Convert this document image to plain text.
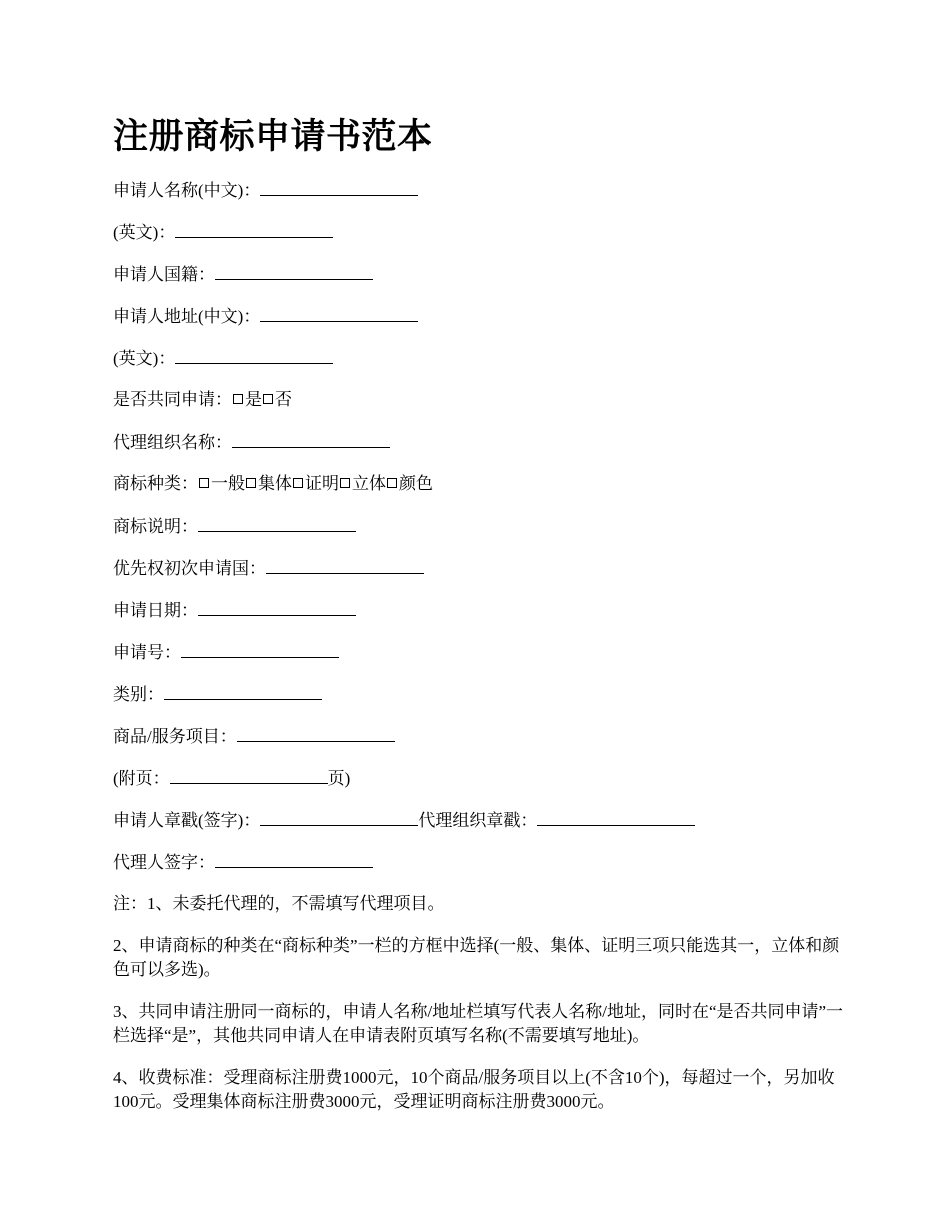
注册商标申请书范本
申请人名称(中文)：
(英文)：
申请人国籍：
申请人地址(中文)：
(英文)：
是否共同申请： 是 否
代理组织名称：
商标种类： 一般 集体 证明 立体 颜色
商标说明：
优先权初次申请国：
申请日期：
申请号：
类别：
商品/服务项目：
(附页：	页)
申请人章戳(签字)：	代理组织章戳：
代理人签字：
注：1、未委托代理的，不需填写代理项目。
2、申请商标的种类在“商标种类”一栏的方框中选择(一般、集体、证明三项只能选其一，立体和颜色可以多选)。
3、共同申请注册同一商标的，申请人名称/地址栏填写代表人名称/地址，同时在“是否共同申请”一栏选择“是”，其他共同申请人在申请表附页填写名称(不需要填写地址)。
4、收费标准：受理商标注册费1000元，10个商品/服务项目以上(不含10个)，每超过一个，另加收100元。受理集体商标注册费3000元，受理证明商标注册费3000元。
